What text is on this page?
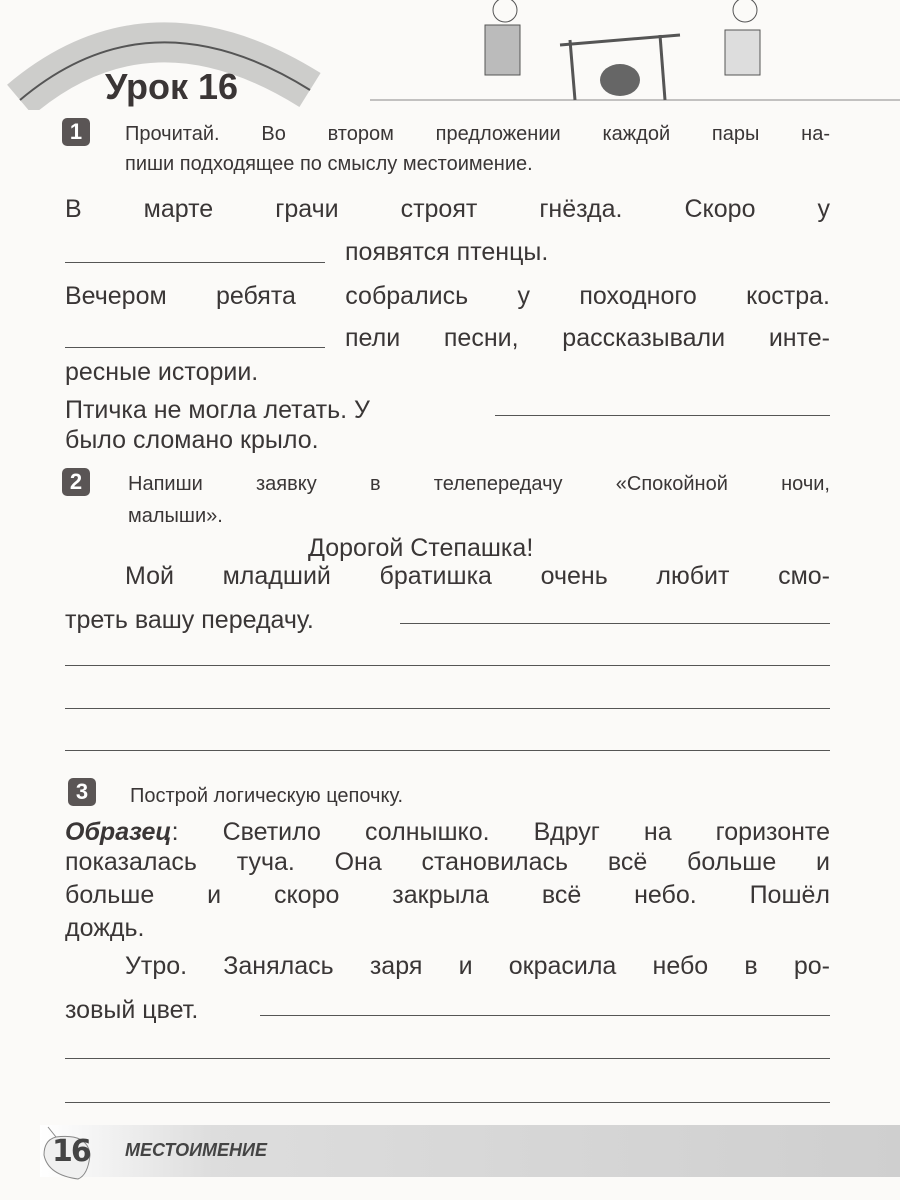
Урок 16
1	Прочитай. Во втором предложении каждой пары на-
пиши подходящее по смыслу местоимение.
В марте грачи строят гнёзда. Скоро у
появятся птенцы.
Вечером ребята собрались у походного костра.
пели песни, рассказывали инте-
ресные истории.
Птичка не могла летать. У
было сломано крыло.
2	Напиши заявку в телепередачу «Спокойной ночи,
малыши».
Дорогой Степашка!
Мой младший братишка очень любит смо-
треть вашу передачу.
3	Построй логическую цепочку.
Образец : Светило солнышко. Вдруг на горизонте
показалась туча. Она становилась всё больше и
больше и скоро закрыла всё небо. Пошёл
дождь.
Утро. Занялась заря и окрасила небо в ро-
зовый цвет.
16 МЕСТОИМЕНИЕ
